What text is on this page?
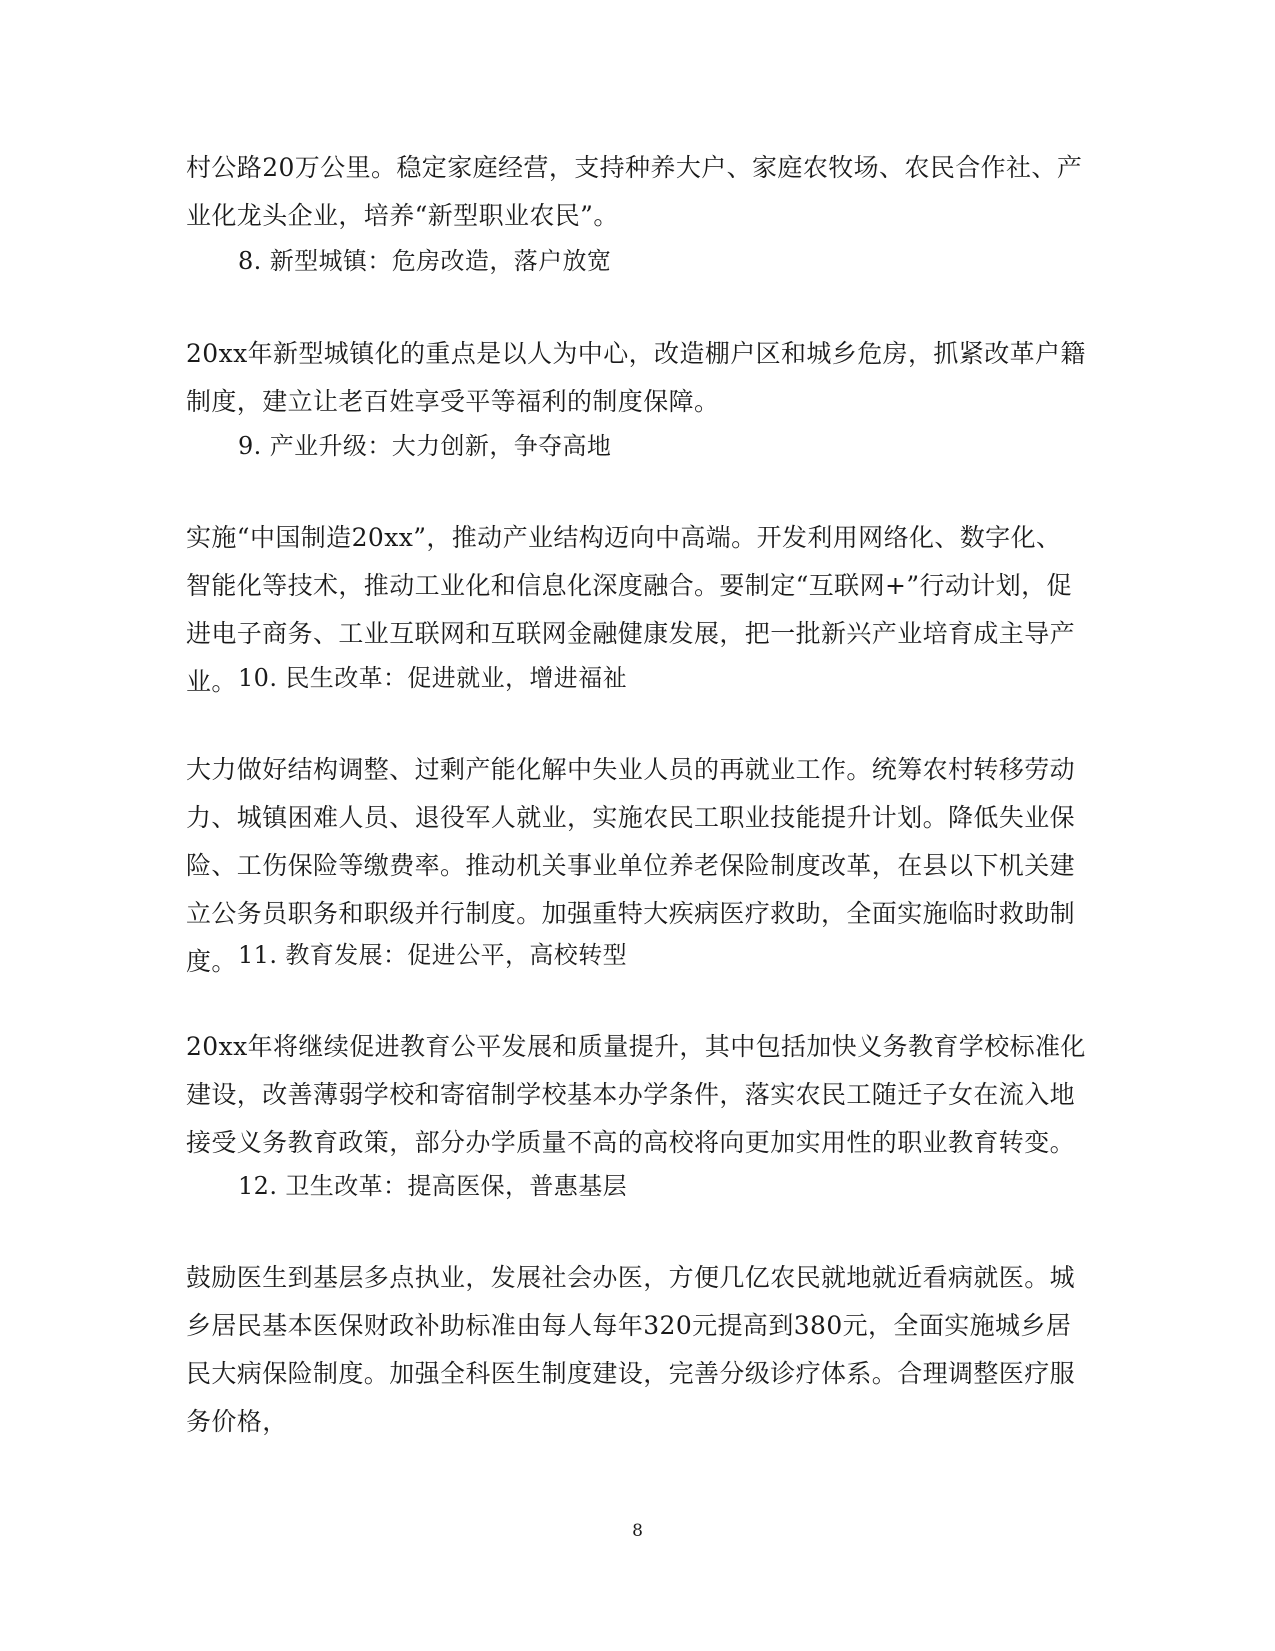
村公路20万公里。稳定家庭经营，支持种养大户、家庭农牧场、农民合作社、产业化龙头企业，培养“新型职业农民”。

8. 新型城镇：危房改造，落户放宽

20xx年新型城镇化的重点是以人为中心，改造棚户区和城乡危房，抓紧改革户籍制度，建立让老百姓享受平等福利的制度保障。

9. 产业升级：大力创新，争夺高地

实施“中国制造20xx”，推动产业结构迈向中高端。开发利用网络化、数字化、智能化等技术，推动工业化和信息化深度融合。要制定“互联网+”行动计划，促进电子商务、工业互联网和互联网金融健康发展，把一批新兴产业培育成主导产业。 10. 民生改革：促进就业，增进福祉

大力做好结构调整、过剩产能化解中失业人员的再就业工作。统筹农村转移劳动力、城镇困难人员、退役军人就业，实施农民工职业技能提升计划。降低失业保险、工伤保险等缴费率。推动机关事业单位养老保险制度改革，在县以下机关建立公务员职务和职级并行制度。加强重特大疾病医疗救助，全面实施临时救助制度。 11. 教育发展：促进公平，高校转型

20xx年将继续促进教育公平发展和质量提升，其中包括加快义务教育学校标准化建设，改善薄弱学校和寄宿制学校基本办学条件，落实农民工随迁子女在流入地接受义务教育政策，部分办学质量不高的高校将向更加实用性的职业教育转变。

12. 卫生改革：提高医保，普惠基层

鼓励医生到基层多点执业，发展社会办医，方便几亿农民就地就近看病就医。城乡居民基本医保财政补助标准由每人每年320元提高到380元，全面实施城乡居民大病保险制度。加强全科医生制度建设，完善分级诊疗体系。合理调整医疗服务价格，

8
